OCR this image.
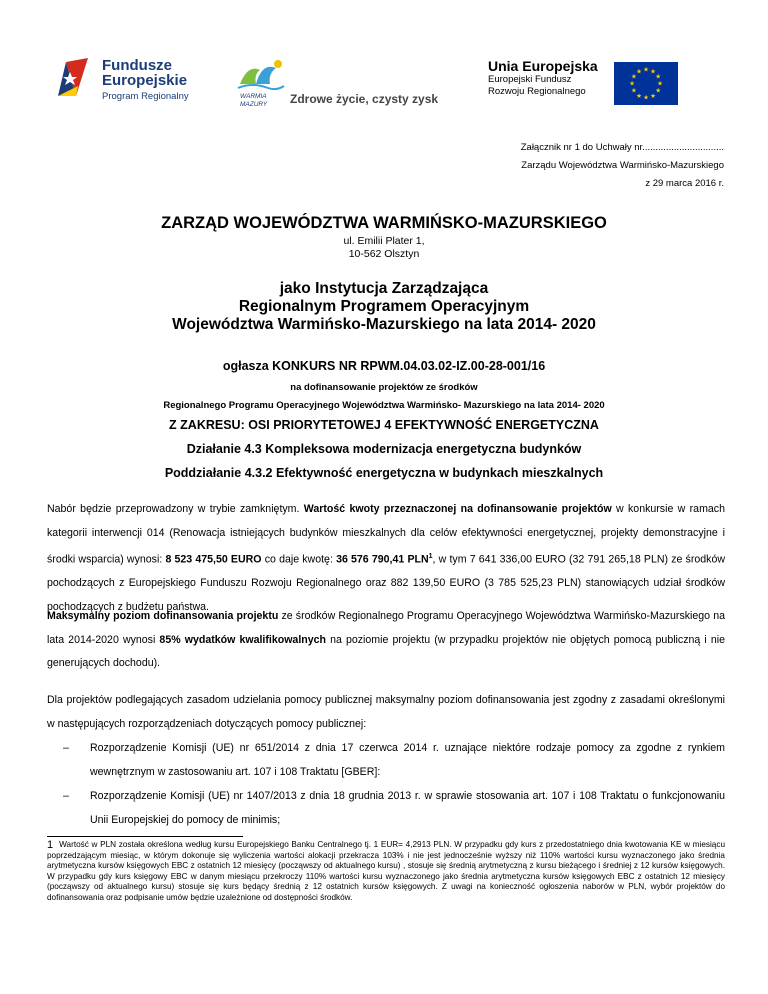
Fundusze
Europejskie
Program Regionalny	WARMIA
MAZURY Zdrowe życie, czysty zysk
Unia Europejska
Europejski Fundusz
Rozwoju Regionalnego
★
★
★
★
★
★
★
★
★ ★ ★
★
Załącznik nr 1 do Uchwały nr...............................
Zarządu Województwa Warmińsko-Mazurskiego
z 29 marca 2016 r.
ZARZĄD WOJEWÓDZTWA WARMIŃSKO-MAZURSKIEGO
ul. Emilii Plater 1,
10-562 Olsztyn
jako Instytucja Zarządzająca
Regionalnym Programem Operacyjnym
Województwa Warmińsko-Mazurskiego na lata 2014- 2020
ogłasza KONKURS NR RPWM.04.03.02-IZ.00-28-001/16
na dofinansowanie projektów ze środków
Regionalnego Programu Operacyjnego Województwa Warmińsko- Mazurskiego na lata 2014- 2020
Z ZAKRESU: OSI PRIORYTETOWEJ 4 EFEKTYWNOŚĆ ENERGETYCZNA
Działanie 4.3 Kompleksowa modernizacja energetyczna budynków
Poddziałanie 4.3.2 Efektywność energetyczna w budynkach mieszkalnych
Nabór będzie przeprowadzony w trybie zamkniętym. Wartość kwoty przeznaczonej na dofinansowanie projektów w konkursie w ramach kategorii interwencji 014 (Renowacja istniejących budynków mieszkalnych dla celów efektywności energetycznej, projekty demonstracyjne i środki wsparcia) wynosi: 8 523 475,50 EURO co daje kwotę: 36 576 790,41 PLN$^1$, w tym 7 641 336,00 EURO (32 791 265,18 PLN) ze środków pochodzących z Europejskiego Funduszu Rozwoju Regionalnego oraz 882 139,50 EURO (3 785 525,23 PLN) stanowiących udział środków pochodzących z budżetu państwa.
Maksymalny poziom dofinansowania projektu ze środków Regionalnego Programu Operacyjnego Województwa Warmińsko-Mazurskiego na lata 2014-2020 wynosi 85% wydatków kwalifikowalnych na poziomie projektu (w przypadku projektów nie objętych pomocą publiczną i nie generujących dochodu).
Dla projektów podlegających zasadom udzielania pomocy publicznej maksymalny poziom dofinansowania jest zgodny z zasadami określonymi w następujących rozporządzeniach dotyczących pomocy publicznej:
– Rozporządzenie Komisji (UE) nr 651/2014 z dnia 17 czerwca 2014 r. uznające niektóre rodzaje pomocy za zgodne z rynkiem wewnętrznym w zastosowaniu art. 107 i 108 Traktatu [GBER]:
– Rozporządzenie Komisji (UE) nr 1407/2013 z dnia 18 grudnia 2013 r. w sprawie stosowania art. 107 i 108 Traktatu o funkcjonowaniu Unii Europejskiej do pomocy de minimis;
$^1$ Wartość w PLN została określona według kursu Europejskiego Banku Centralnego tj. 1 EUR= 4,2913 PLN. W przypadku gdy kurs z przedostatniego dnia kwotowania KE w miesiącu poprzedzającym miesiąc, w którym dokonuje się wyliczenia wartości alokacji przekracza 103% i nie jest jednocześnie wyższy niż 110% wartości kursu wyznaczonego jako średnia arytmetyczna kursów księgowych EBC z ostatnich 12 miesięcy (począwszy od aktualnego kursu) , stosuje się średnią arytmetyczną z kursu bieżącego i średniej z 12 kursów księgowych. W przypadku gdy kurs księgowy EBC w danym miesiącu przekroczy 110% wartości kursu wyznaczonego jako średnia arytmetyczna kursów księgowych EBC z ostatnich 12 miesięcy (począwszy od aktualnego kursu) stosuje się kurs będący średnią z 12 ostatnich kursów księgowych. Z uwagi na konieczność ogłoszenia naborów w PLN, wybór projektów do dofinansowania oraz podpisanie umów będzie uzależnione od dostępności środków.
